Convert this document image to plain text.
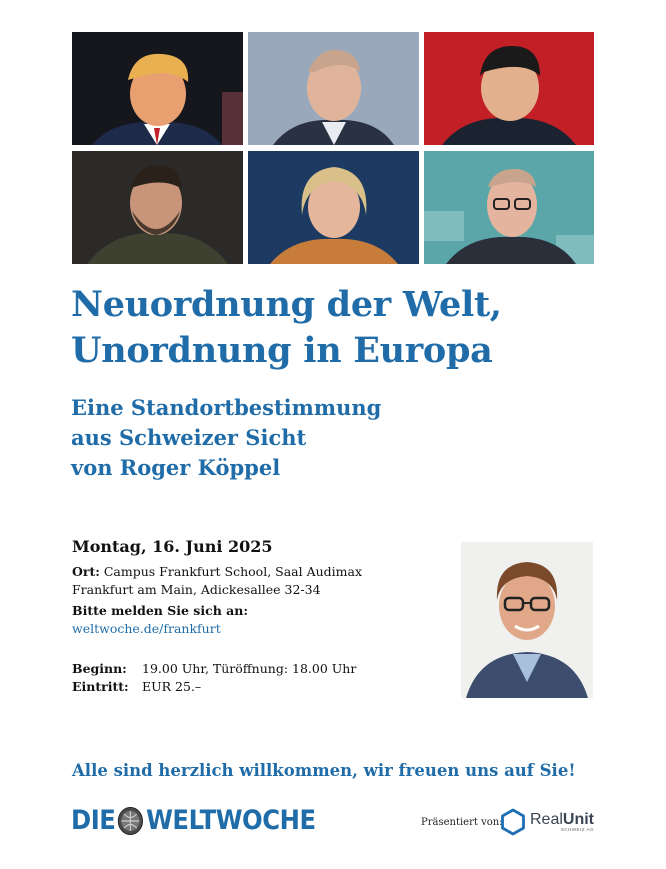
Neuordnung der Welt,
Unordnung in Europa
Eine Standortbestimmung
aus Schweizer Sicht
von Roger Köppel
Montag, 16. Juni 2025
Ort: Campus Frankfurt School, Saal Audimax
Frankfurt am Main, Adickesallee 32-34
Bitte melden Sie sich an:
weltwoche.de/frankfurt
Beginn: 19.00 Uhr, Türöffnung: 18.00 Uhr
Eintritt: EUR 25.–

Alle sind herzlich willkommen, wir freuen uns auf Sie!

DIE WELTWOCHE	Präsentiert von: RealUnit
SCHWEIZ AG
